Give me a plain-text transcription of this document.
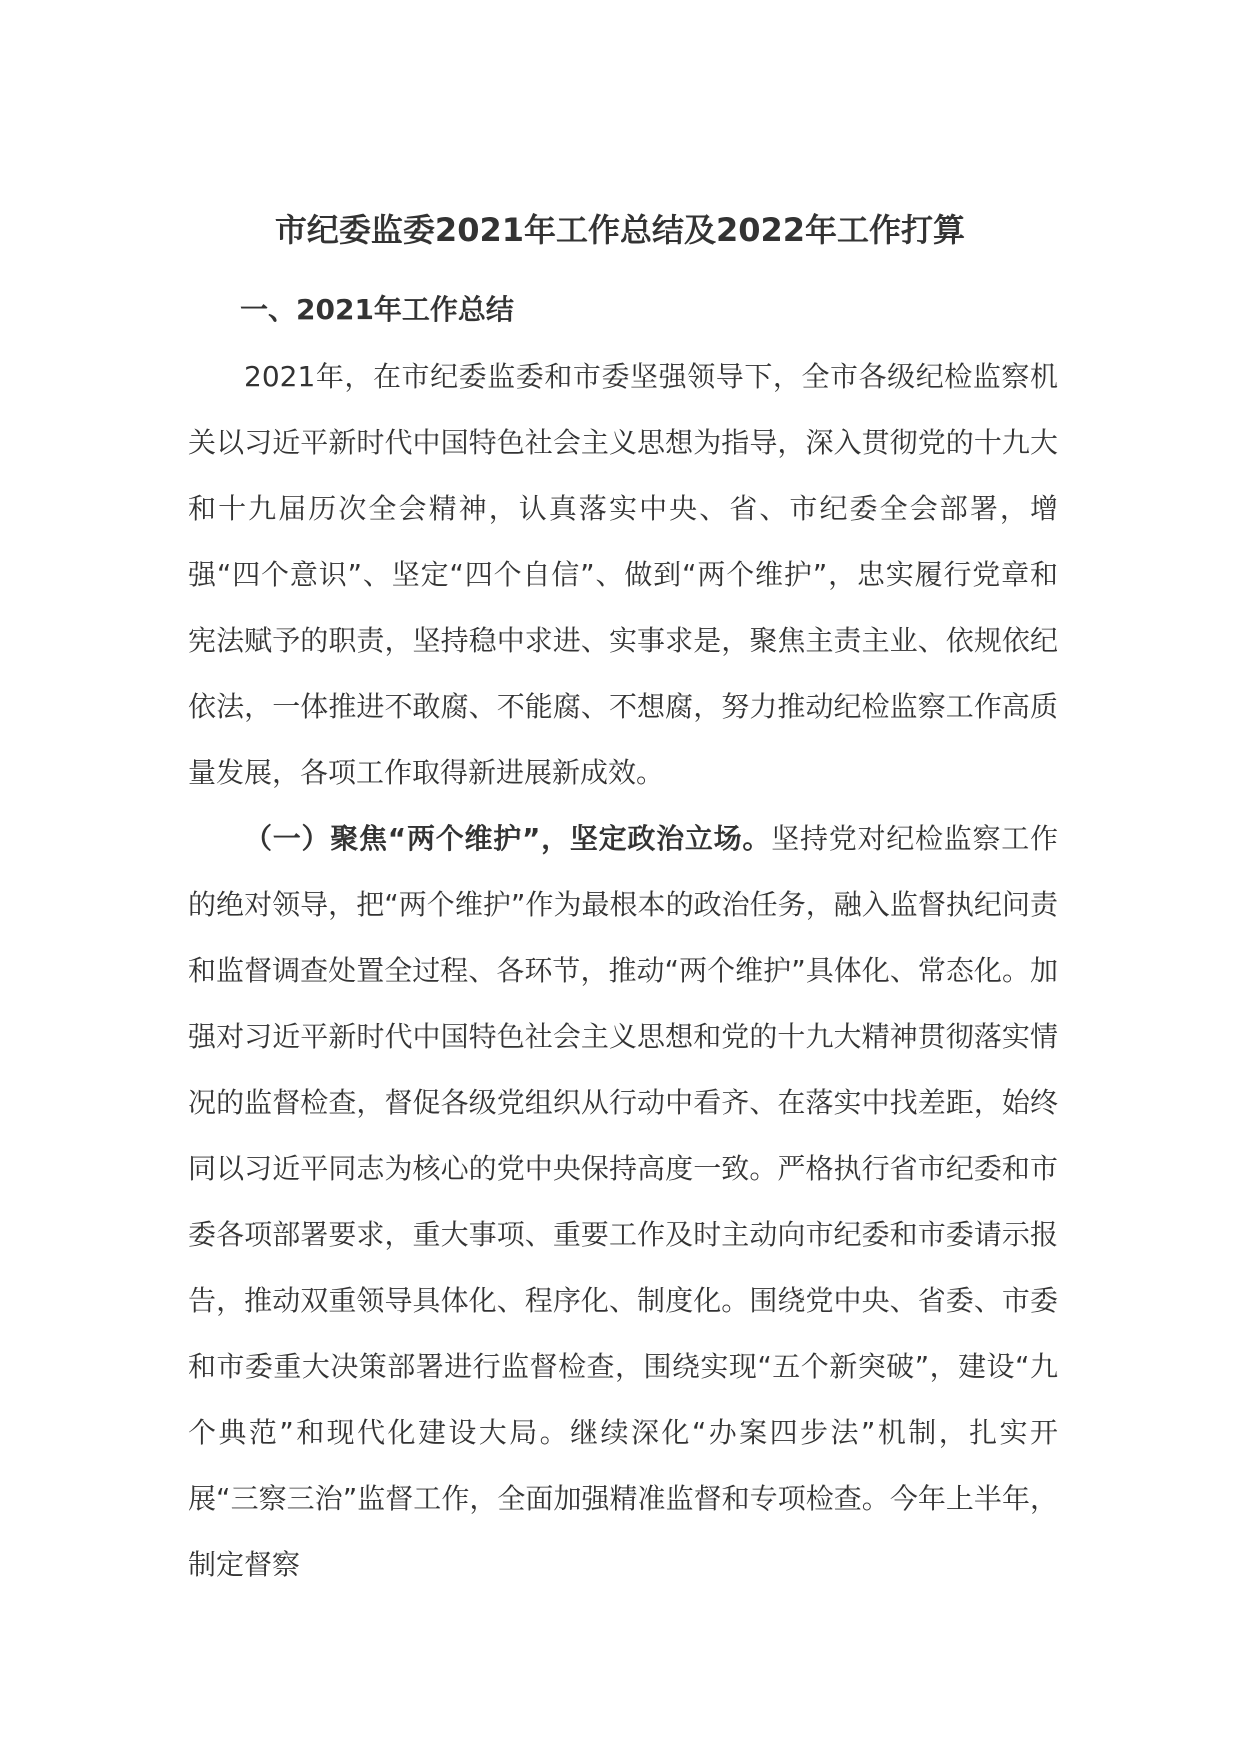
市纪委监委2021年工作总结及2022年工作打算
一、2021年工作总结

2021年，在市纪委监委和市委坚强领导下，全市各级纪检监察机关以习近平新时代中国特色社会主义思想为指导，深入贯彻党的十九大和十九届历次全会精神，认真落实中央、省、市纪委全会部署，增强“四个意识”、坚定“四个自信”、做到“两个维护”，忠实履行党章和宪法赋予的职责，坚持稳中求进、实事求是，聚焦主责主业、依规依纪依法，一体推进不敢腐、不能腐、不想腐，努力推动纪检监察工作高质量发展，各项工作取得新进展新成效。

（一）聚焦“两个维护”，坚定政治立场。坚持党对纪检监察工作的绝对领导，把“两个维护”作为最根本的政治任务，融入监督执纪问责和监督调查处置全过程、各环节，推动“两个维护”具体化、常态化。加强对习近平新时代中国特色社会主义思想和党的十九大精神贯彻落实情况的监督检查，督促各级党组织从行动中看齐、在落实中找差距，始终同以习近平同志为核心的党中央保持高度一致。严格执行省市纪委和市委各项部署要求，重大事项、重要工作及时主动向市纪委和市委请示报告，推动双重领导具体化、程序化、制度化。围绕党中央、省委、市委和市委重大决策部署进行监督检查，围绕实现“五个新突破”，建设“九个典范”和现代化建设大局。继续深化“办案四步法”机制，扎实开展“三察三治”监督工作，全面加强精准监督和专项检查。今年上半年，制定督察
